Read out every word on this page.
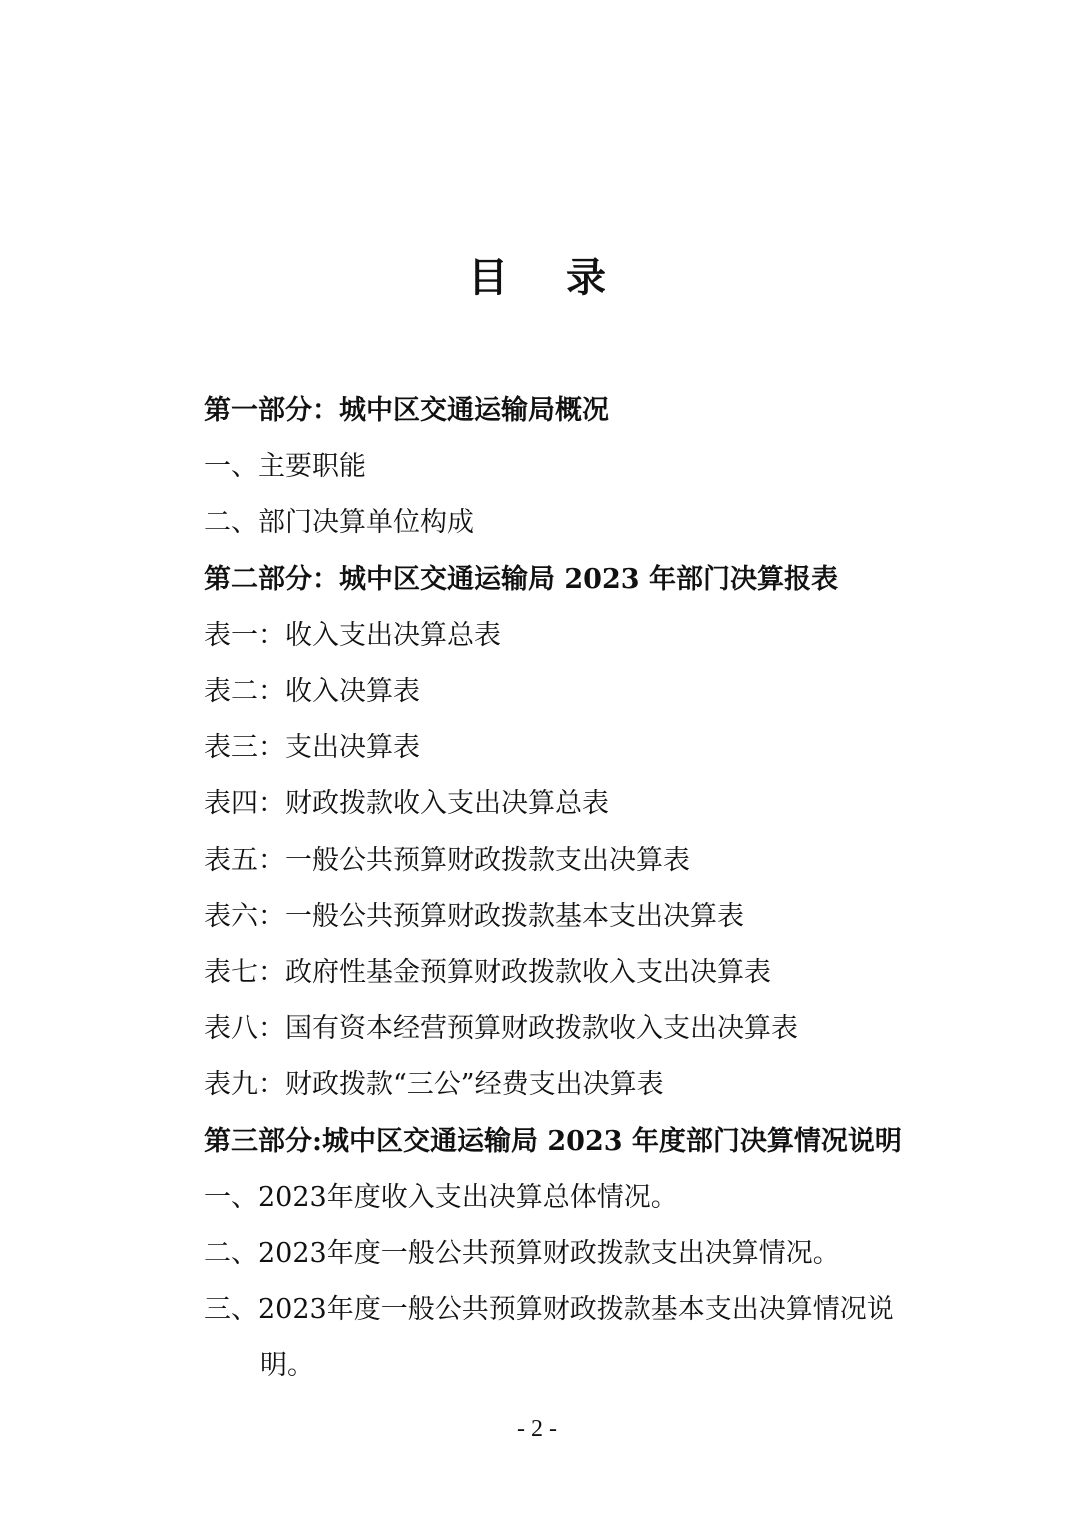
目录
第一部分：城中区交通运输局概况
一、主要职能
二、部门决算单位构成
第二部分：城中区交通运输局 2023 年部门决算报表
表一：收入支出决算总表
表二：收入决算表
表三：支出决算表
表四：财政拨款收入支出决算总表
表五：一般公共预算财政拨款支出决算表
表六：一般公共预算财政拨款基本支出决算表
表七：政府性基金预算财政拨款收入支出决算表
表八：国有资本经营预算财政拨款收入支出决算表
表九：财政拨款“三公”经费支出决算表
第三部分:城中区交通运输局 2023 年度部门决算情况说明
一、2023年度收入支出决算总体情况。
二、2023年度一般公共预算财政拨款支出决算情况。
三、2023年度一般公共预算财政拨款基本支出决算情况说
明。
- 2 -
